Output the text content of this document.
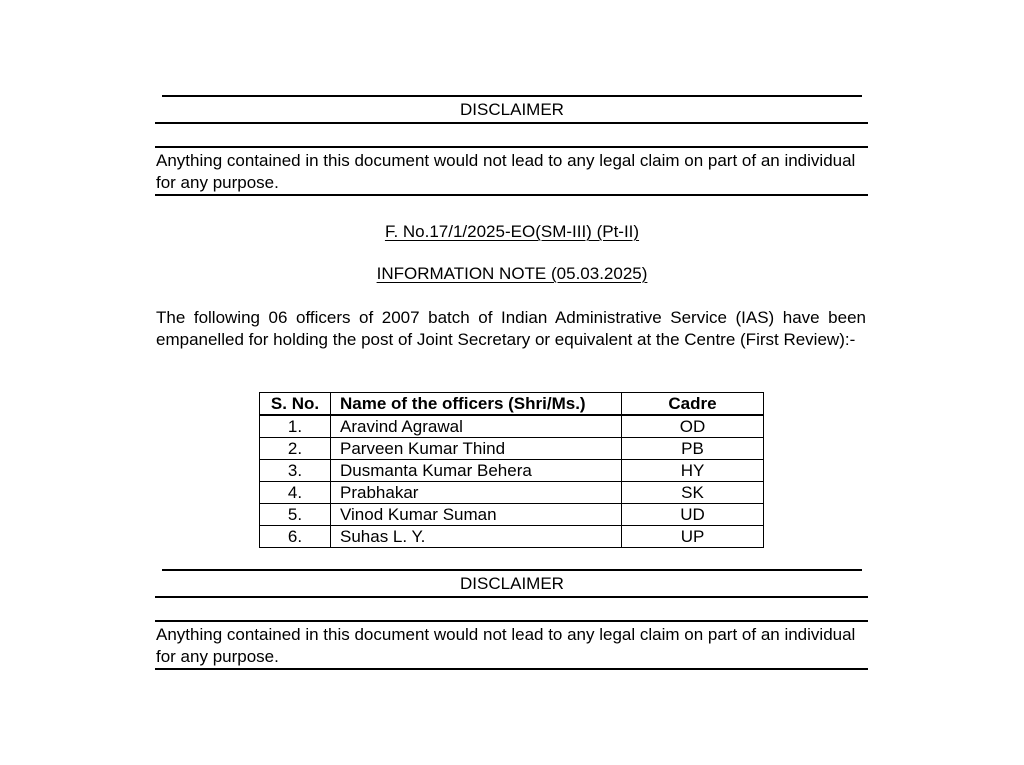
DISCLAIMER
Anything contained in this document would not lead to any legal claim on part of an individual for any purpose.
F. No.17/1/2025-EO(SM-III) (Pt-II)
INFORMATION NOTE (05.03.2025)
The following 06 officers of 2007 batch of Indian Administrative Service (IAS) have been empanelled for holding the post of Joint Secretary or equivalent at the Centre (First Review):-
S. No.	Name of the officers (Shri/Ms.)	Cadre
1.	Aravind Agrawal	OD
2.	Parveen Kumar Thind	PB
3.	Dusmanta Kumar Behera	HY
4.	Prabhakar	SK
5.	Vinod Kumar Suman	UD
6.	Suhas L. Y.	UP
DISCLAIMER
Anything contained in this document would not lead to any legal claim on part of an individual for any purpose.
